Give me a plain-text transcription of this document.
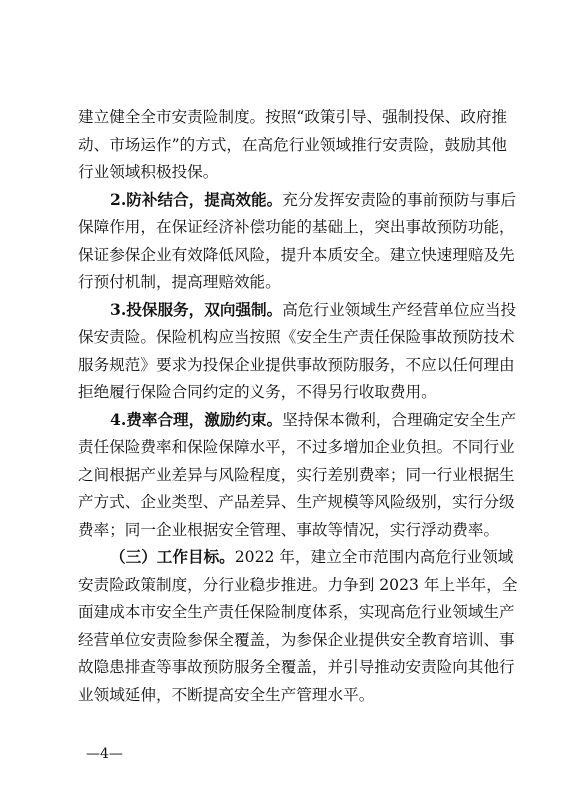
—4—
建立健全全市安责险制度。按照“政策引导、强制投保、政府推
动、市场运作”的方式，在高危行业领域推行安责险，鼓励其他
行业领域积极投保。
2.防补结合，提高效能。充分发挥安责险的事前预防与事后
保障作用，在保证经济补偿功能的基础上，突出事故预防功能，
保证参保企业有效降低风险，提升本质安全。建立快速理赔及先
行预付机制，提高理赔效能。
3.投保服务，双向强制。高危行业领域生产经营单位应当投
保安责险。保险机构应当按照《安全生产责任保险事故预防技术
服务规范》要求为投保企业提供事故预防服务，不应以任何理由
拒绝履行保险合同约定的义务，不得另行收取费用。
4.费率合理，激励约束。坚持保本微利，合理确定安全生产
责任保险费率和保险保障水平，不过多增加企业负担。不同行业
之间根据产业差异与风险程度，实行差别费率；同一行业根据生
产方式、企业类型、产品差异、生产规模等风险级别，实行分级
费率；同一企业根据安全管理、事故等情况，实行浮动费率。
（三）工作目标。2022 年，建立全市范围内高危行业领域
安责险政策制度，分行业稳步推进。力争到 2023 年上半年，全
面建成本市安全生产责任保险制度体系，实现高危行业领域生产
经营单位安责险参保全覆盖，为参保企业提供安全教育培训、事
故隐患排查等事故预防服务全覆盖，并引导推动安责险向其他行
业领域延伸，不断提高安全生产管理水平。
